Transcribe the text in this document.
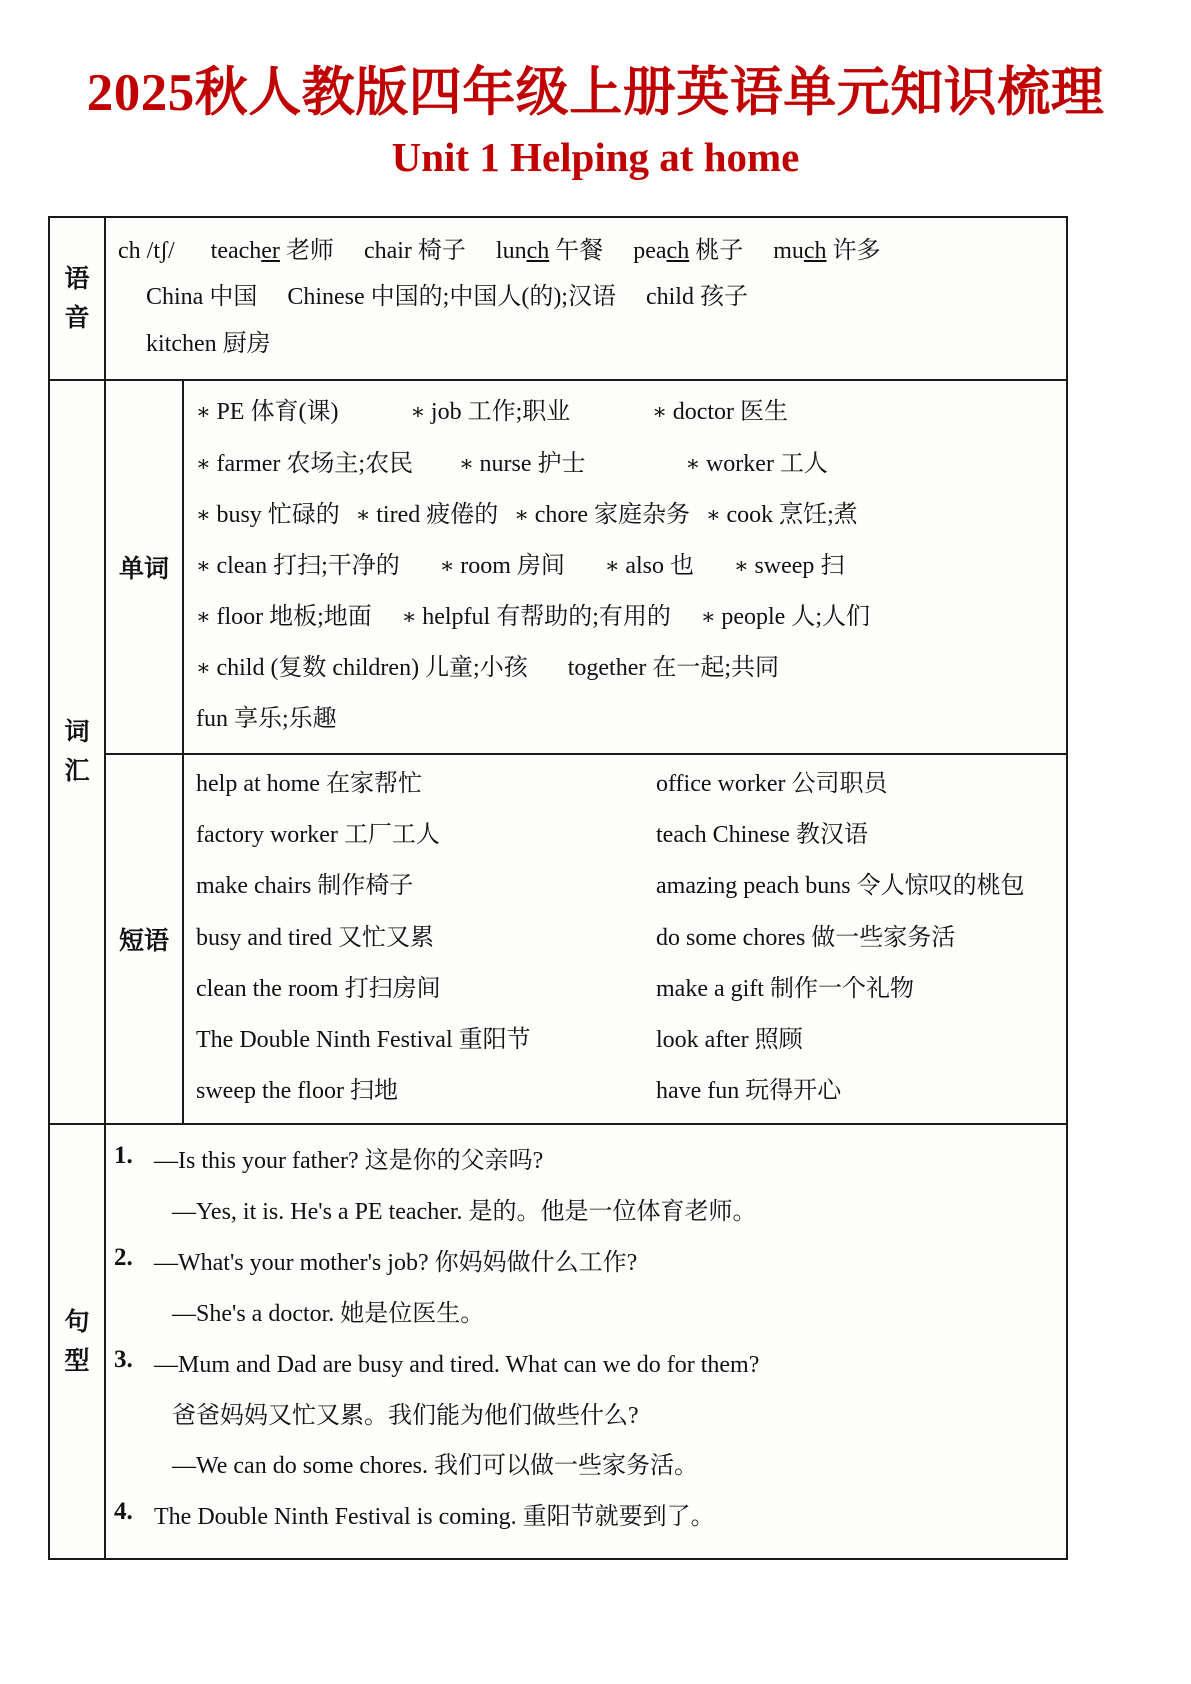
2025秋人教版四年级上册英语单元知识梳理
Unit 1 Helping at home
语音
ch /tʃ/ teacher 老师 chair 椅子 lunch 午餐 peach 桃子 much 许多
China 中国 Chinese 中国的;中国人(的);汉语 child 孩子
kitchen 厨房
词汇
单词
∗ PE 体育(课)	∗ job 工作;职业	∗ doctor 医生
∗ farmer 农场主;农民 ∗ nurse 护士	∗ worker 工人
∗ busy 忙碌的 ∗ tired 疲倦的 ∗ chore 家庭杂务 ∗ cook 烹饪;煮
∗ clean 打扫;干净的 ∗ room 房间 ∗ also 也 ∗ sweep 扫
∗ floor 地板;地面 ∗ helpful 有帮助的;有用的 ∗ people 人;人们
∗ child (复数 children) 儿童;小孩 together 在一起;共同
fun 享乐;乐趣
短语
help at home 在家帮忙	office worker 公司职员
factory worker 工厂工人	teach Chinese 教汉语
make chairs 制作椅子	amazing peach buns 令人惊叹的桃包
busy and tired 又忙又累	do some chores 做一些家务活
clean the room 打扫房间	make a gift 制作一个礼物
The Double Ninth Festival 重阳节	look after 照顾
sweep the floor 扫地	have fun 玩得开心
句型
1. —Is this your father? 这是你的父亲吗?
—Yes, it is. He's a PE teacher. 是的。他是一位体育老师。
2. —What's your mother's job? 你妈妈做什么工作?
—She's a doctor. 她是位医生。
3. —Mum and Dad are busy and tired. What can we do for them?
爸爸妈妈又忙又累。我们能为他们做些什么?
—We can do some chores. 我们可以做一些家务活。
4. The Double Ninth Festival is coming. 重阳节就要到了。
